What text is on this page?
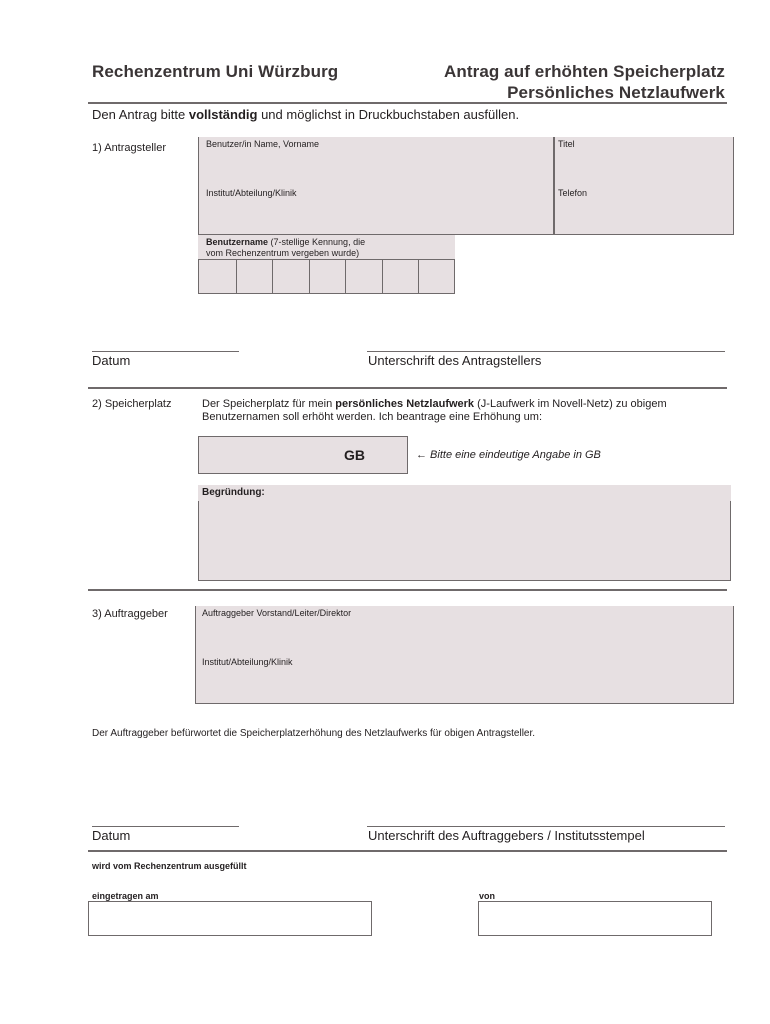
Rechenzentrum Uni Würzburg	Antrag auf erhöhten Speicherplatz
Persönliches Netzlaufwerk
Den Antrag bitte vollständig und möglichst in Druckbuchstaben ausfüllen.
1) Antragsteller	Benutzer/in Name, Vorname	Titel
Institut/Abteilung/Klinik	Telefon
Benutzername (7-stellige Kennung, die
vom Rechenzentrum vergeben wurde)
Datum	Unterschrift des Antragstellers
2) Speicherplatz	Der Speicherplatz für mein persönliches Netzlaufwerk (J-Laufwerk im Novell-Netz) zu obigem
Benutzernamen soll erhöht werden. Ich beantrage eine Erhöhung um:
GB	← Bitte eine eindeutige Angabe in GB
Begründung:
3) Auftraggeber	Auftraggeber Vorstand/Leiter/Direktor
Institut/Abteilung/Klinik
Der Auftraggeber befürwortet die Speicherplatzerhöhung des Netzlaufwerks für obigen Antragsteller.
Datum	Unterschrift des Auftraggebers / Institutsstempel
wird vom Rechenzentrum ausgefüllt
eingetragen am	von
